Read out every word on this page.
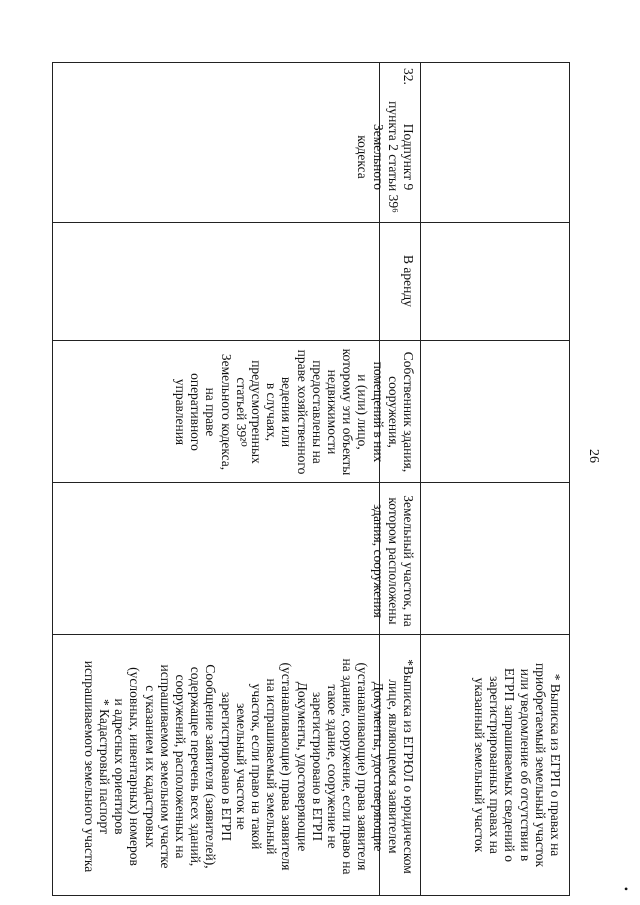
26
•
* Выписка из ЕГРП о правах на
приобретаемый земельный участок
или уведомление об отсутствии в
ЕГРП запрашиваемых сведений о
зарегистрированных правах на
указанный земельный участок
32.
Подпункт 9
пункта 2 статьи 39⁶
Земельного
кодекса
В аренду
Собственник здания,
сооружения,
помещений в них
и (или) лицо,
которому эти объекты
недвижимости
предоставлены на
праве хозяйственного
ведения или
в случаях,
предусмотренных
статьей 39²⁰
Земельного кодекса,
на праве
оперативного
управления
Земельный участок, на
котором расположены
здания, сооружения
*Выписка из ЕГРЮЛ о юридическом
лице, являющемся заявителем
Документы, удостоверяющие
(устанавливающие) права заявителя
на здание, сооружение, если право на
такое здание, сооружение не
зарегистрировано в ЕГРП
Документы, удостоверяющие
(устанавливающие) права заявителя
на испрашиваемый земельный
участок, если право на такой
земельный участок не
зарегистрировано в ЕГРП
Сообщение заявителя (заявителей),
содержащее перечень всех зданий,
сооружений, расположенных на
испрашиваемом земельном участке
с указанием их кадастровых
(условных, инвентарных) номеров
и адресных ориентиров
* Кадастровый паспорт
испрашиваемого земельного участка
